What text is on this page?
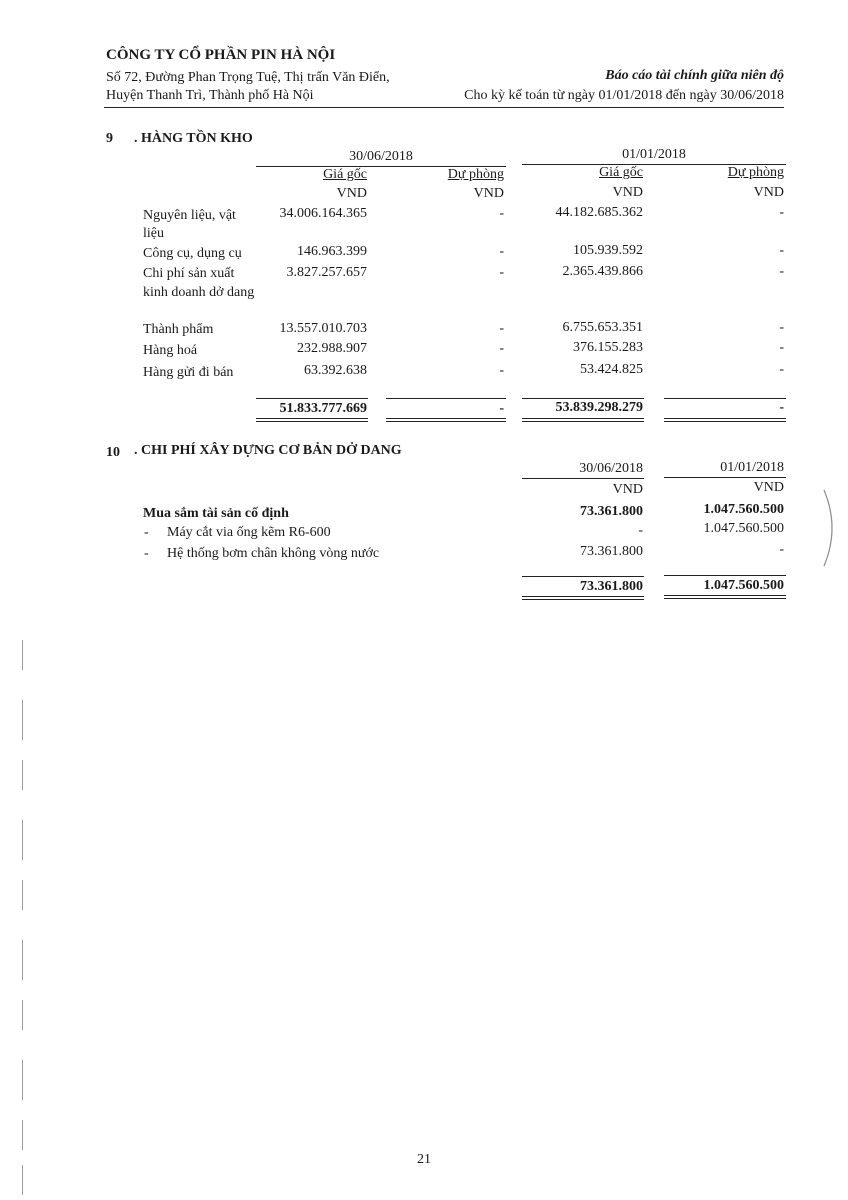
CÔNG TY CỔ PHẦN PIN HÀ NỘI
Số 72, Đường Phan Trọng Tuệ, Thị trấn Văn Điển,
Huyện Thanh Trì, Thành phố Hà Nội
Báo cáo tài chính giữa niên độ
Cho kỳ kế toán từ ngày 01/01/2018 đến ngày 30/06/2018
9 . HÀNG TỒN KHO
30/06/2018	01/01/2018
Giá gốc	Dự phòng	Giá gốc	Dự phòng
VND	VND	VND	VND
Nguyên liệu, vật
liệu
34.006.164.365	-	44.182.685.362	-
Công cụ, dụng cụ	146.963.399	-	105.939.592	-
Chi phí sản xuất
kinh doanh dở dang
3.827.257.657	-	2.365.439.866	-
Thành phẩm	13.557.010.703	-	6.755.653.351	-
Hàng hoá	232.988.907	-	376.155.283	-
Hàng gửi đi bán	63.392.638	-	53.424.825	-
51.833.777.669	-	53.839.298.279	-
10 . CHI PHÍ XÂY DỰNG CƠ BẢN DỞ DANG
30/06/2018	01/01/2018
VND	VND
Mua sắm tài sản cố định	73.361.800	1.047.560.500
- Máy cắt via ống kẽm R6-600	-	1.047.560.500
- Hệ thống bơm chân không vòng nước	73.361.800	-
73.361.800	1.047.560.500
21
